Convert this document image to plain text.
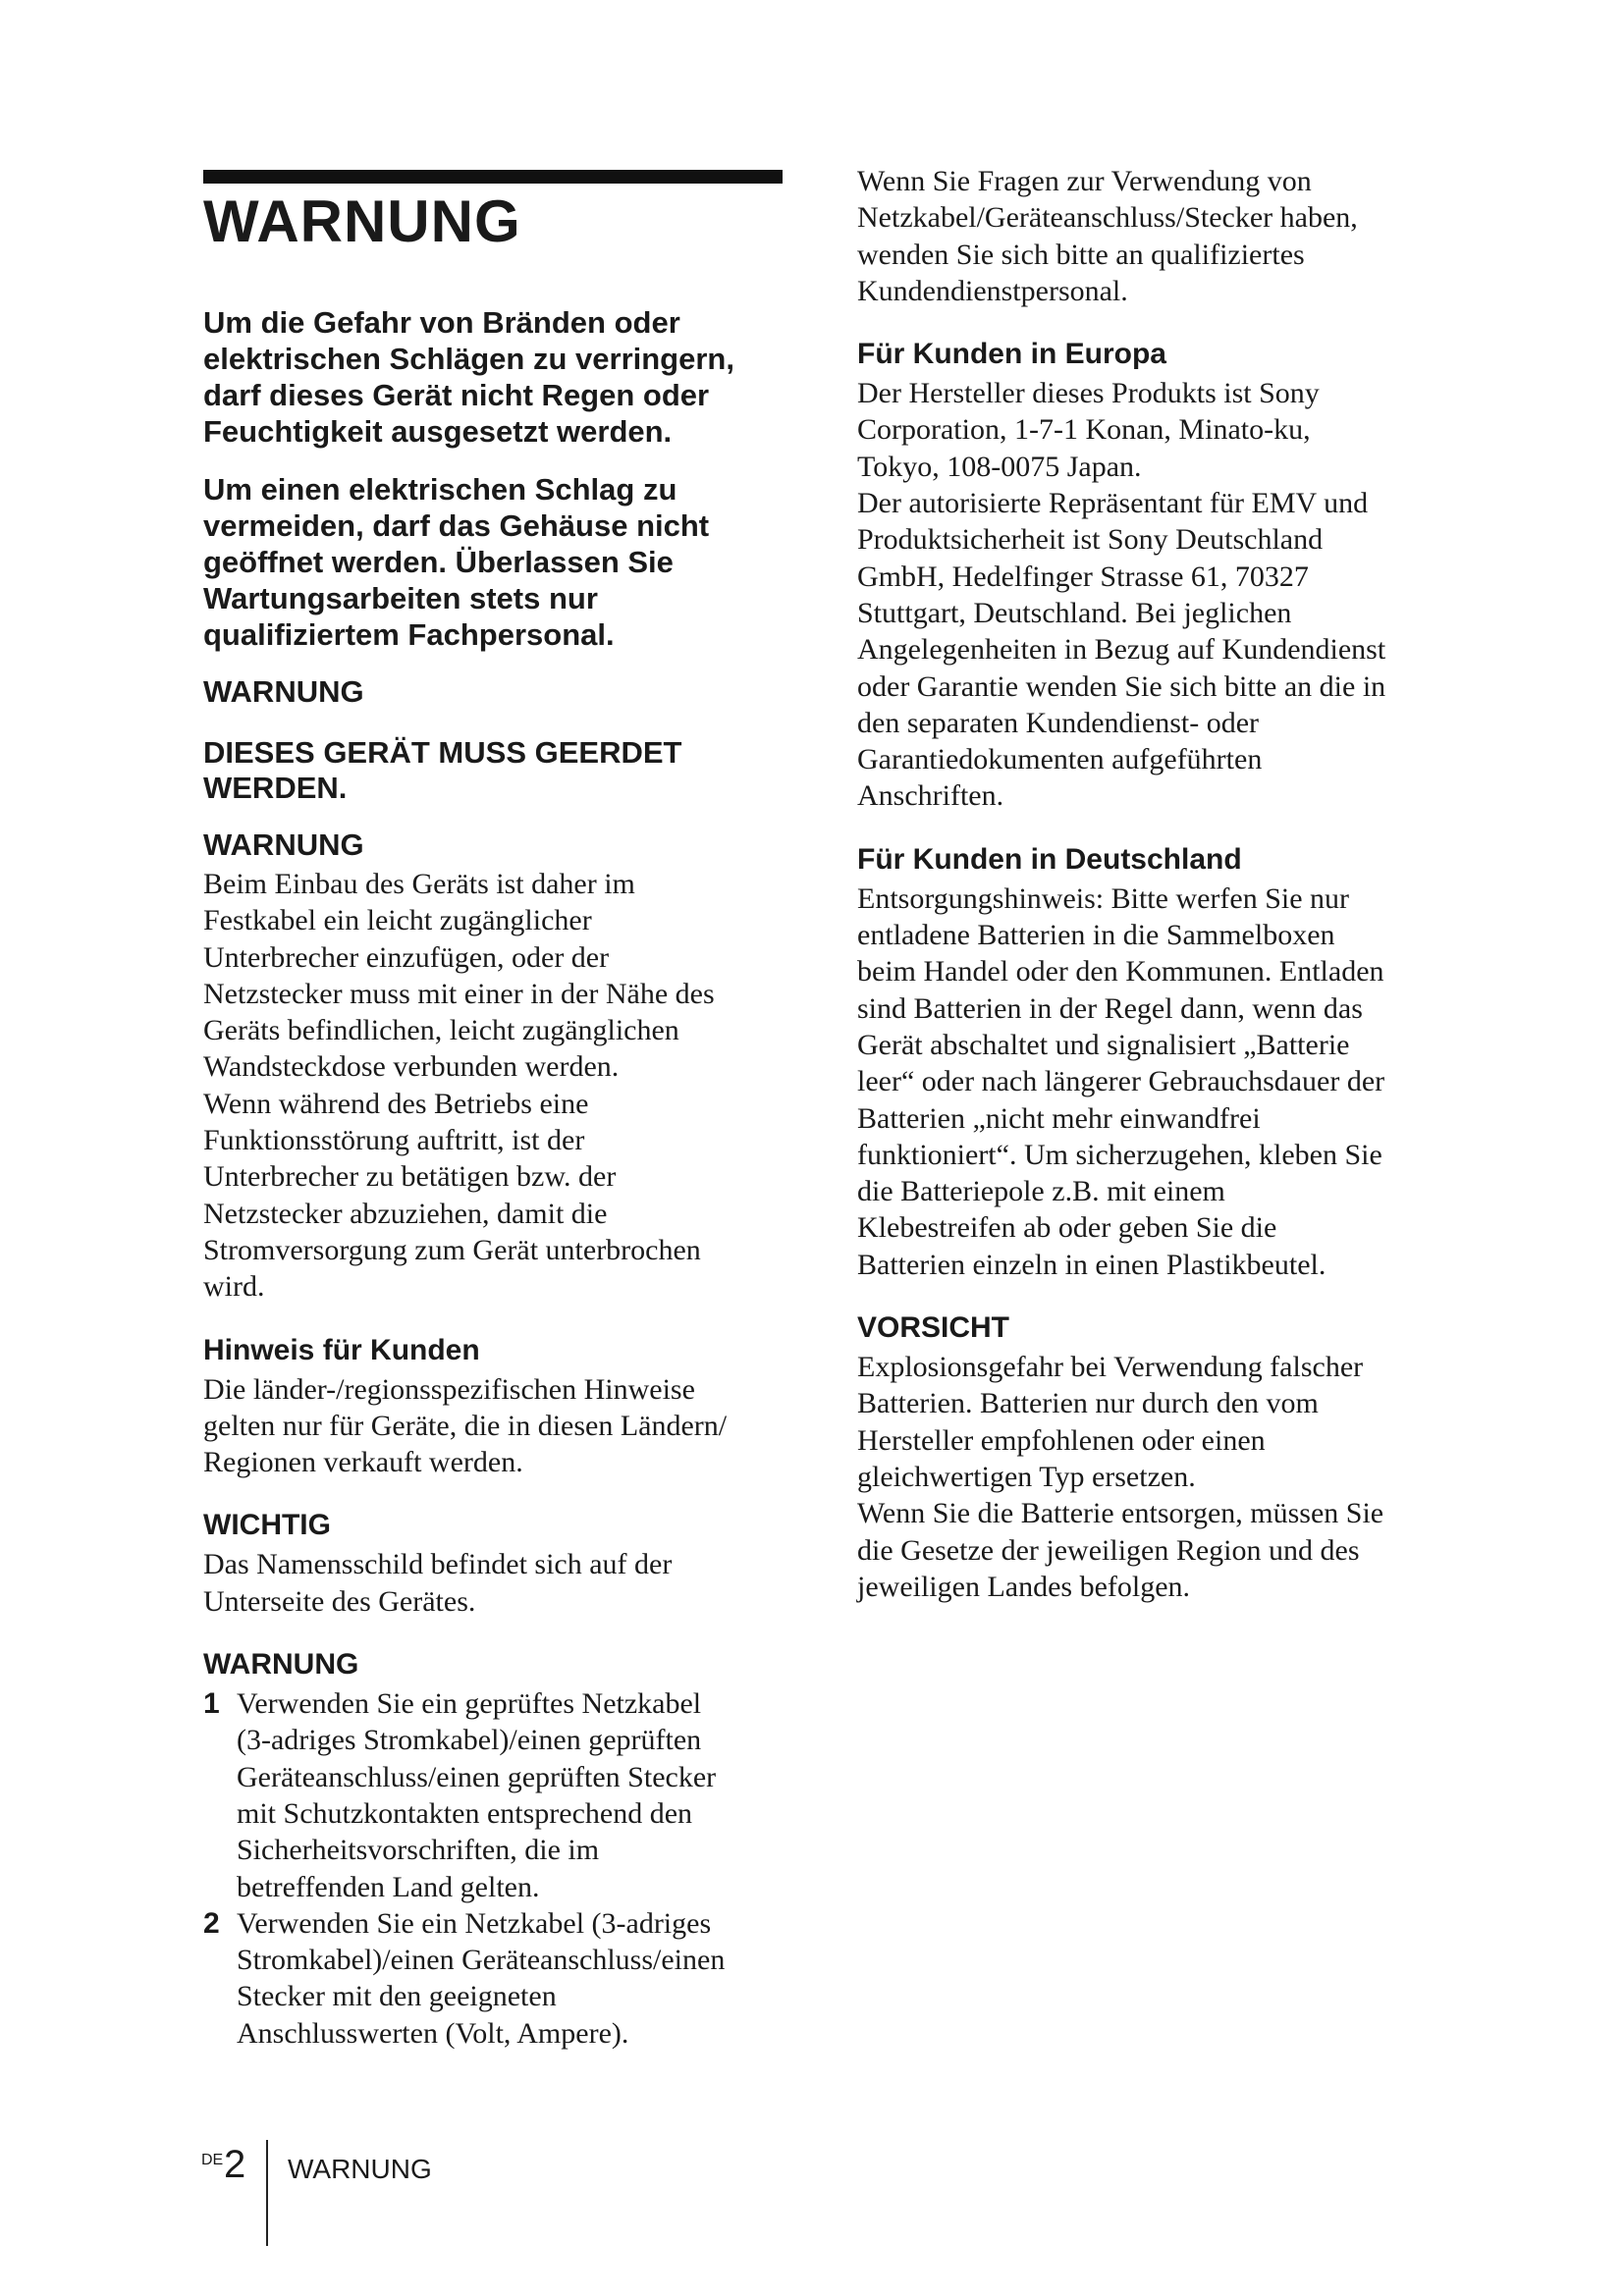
WARNUNG

Um die Gefahr von Bränden oder
elektrischen Schlägen zu verringern,
darf dieses Gerät nicht Regen oder
Feuchtigkeit ausgesetzt werden.

Um einen elektrischen Schlag zu
vermeiden, darf das Gehäuse nicht
geöffnet werden. Überlassen Sie
Wartungsarbeiten stets nur
qualifiziertem Fachpersonal.

WARNUNG
DIESES GERÄT MUSS GEERDET
WERDEN.
WARNUNG

Beim Einbau des Geräts ist daher im
Festkabel ein leicht zugänglicher
Unterbrecher einzufügen, oder der
Netzstecker muss mit einer in der Nähe des
Geräts befindlichen, leicht zugänglichen
Wandsteckdose verbunden werden.
Wenn während des Betriebs eine
Funktionsstörung auftritt, ist der
Unterbrecher zu betätigen bzw. der
Netzstecker abzuziehen, damit die
Stromversorgung zum Gerät unterbrochen
wird.

Hinweis für Kunden

Die länder-/regionsspezifischen Hinweise
gelten nur für Geräte, die in diesen Ländern/
Regionen verkauft werden.

WICHTIG

Das Namensschild befindet sich auf der
Unterseite des Gerätes.

WARNUNG
1 Verwenden Sie ein geprüftes Netzkabel
(3-adriges Stromkabel)/einen geprüften
Geräteanschluss/einen geprüften Stecker
mit Schutzkontakten entsprechend den
Sicherheitsvorschriften, die im
betreffenden Land gelten.
2 Verwenden Sie ein Netzkabel (3-adriges
Stromkabel)/einen Geräteanschluss/einen
Stecker mit den geeigneten
Anschlusswerten (Volt, Ampere).

Wenn Sie Fragen zur Verwendung von
Netzkabel/Geräteanschluss/Stecker haben,
wenden Sie sich bitte an qualifiziertes
Kundendienstpersonal.

Für Kunden in Europa

Der Hersteller dieses Produkts ist Sony
Corporation, 1-7-1 Konan, Minato-ku,
Tokyo, 108-0075 Japan.
Der autorisierte Repräsentant für EMV und
Produktsicherheit ist Sony Deutschland
GmbH, Hedelfinger Strasse 61, 70327
Stuttgart, Deutschland. Bei jeglichen
Angelegenheiten in Bezug auf Kundendienst
oder Garantie wenden Sie sich bitte an die in
den separaten Kundendienst- oder
Garantiedokumenten aufgeführten
Anschriften.

Für Kunden in Deutschland

Entsorgungshinweis: Bitte werfen Sie nur
entladene Batterien in die Sammelboxen
beim Handel oder den Kommunen. Entladen
sind Batterien in der Regel dann, wenn das
Gerät abschaltet und signalisiert „Batterie
leer“ oder nach längerer Gebrauchsdauer der
Batterien „nicht mehr einwandfrei
funktioniert“. Um sicherzugehen, kleben Sie
die Batteriepole z.B. mit einem
Klebestreifen ab oder geben Sie die
Batterien einzeln in einen Plastikbeutel.

VORSICHT

Explosionsgefahr bei Verwendung falscher
Batterien. Batterien nur durch den vom
Hersteller empfohlenen oder einen
gleichwertigen Typ ersetzen.
Wenn Sie die Batterie entsorgen, müssen Sie
die Gesetze der jeweiligen Region und des
jeweiligen Landes befolgen.

DE 2 WARNUNG
